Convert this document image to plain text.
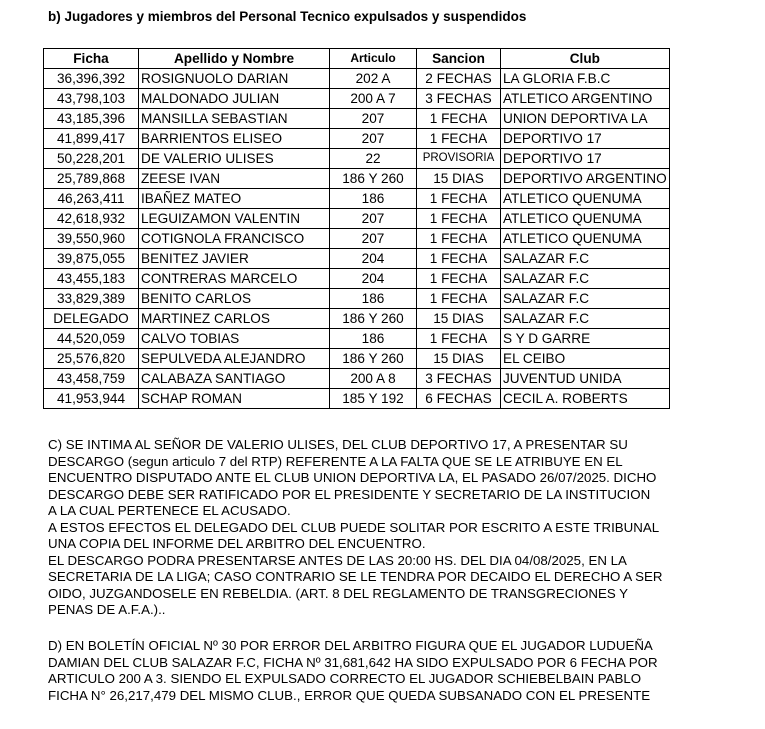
b) Jugadores y miembros del Personal Tecnico expulsados y suspendidos
Ficha	Apellido y Nombre	Articulo	Sancion	Club
36,396,392	ROSIGNUOLO DARIAN	202 A	2 FECHAS	LA GLORIA F.B.C
43,798,103	MALDONADO JULIAN	200 A 7	3 FECHAS	ATLETICO ARGENTINO
43,185,396	MANSILLA SEBASTIAN	207	1 FECHA	UNION DEPORTIVA LA
41,899,417	BARRIENTOS ELISEO	207	1 FECHA	DEPORTIVO 17
50,228,201	DE VALERIO ULISES	22	PROVISORIA	DEPORTIVO 17
25,789,868	ZEESE IVAN	186 Y 260	15 DIAS	DEPORTIVO ARGENTINO
46,263,411	IBAÑEZ MATEO	186	1 FECHA	ATLETICO QUENUMA
42,618,932	LEGUIZAMON VALENTIN	207	1 FECHA	ATLETICO QUENUMA
39,550,960	COTIGNOLA FRANCISCO	207	1 FECHA	ATLETICO QUENUMA
39,875,055	BENITEZ JAVIER	204	1 FECHA	SALAZAR F.C
43,455,183	CONTRERAS MARCELO	204	1 FECHA	SALAZAR F.C
33,829,389	BENITO CARLOS	186	1 FECHA	SALAZAR F.C
DELEGADO	MARTINEZ CARLOS	186 Y 260	15 DIAS	SALAZAR F.C
44,520,059	CALVO TOBIAS	186	1 FECHA	S Y D GARRE
25,576,820	SEPULVEDA ALEJANDRO	186 Y 260	15 DIAS	EL CEIBO
43,458,759	CALABAZA SANTIAGO	200 A 8	3 FECHAS	JUVENTUD UNIDA
41,953,944	SCHAP ROMAN	185 Y 192	6 FECHAS	CECIL A. ROBERTS
C) SE INTIMA AL SEÑOR DE VALERIO ULISES, DEL CLUB DEPORTIVO 17, A PRESENTAR SU
DESCARGO (segun articulo 7 del RTP) REFERENTE A LA FALTA QUE SE LE ATRIBUYE EN EL
ENCUENTRO DISPUTADO ANTE EL CLUB UNION DEPORTIVA LA, EL PASADO 26/07/2025. DICHO
DESCARGO DEBE SER RATIFICADO POR EL PRESIDENTE Y SECRETARIO DE LA INSTITUCION
A LA CUAL PERTENECE EL ACUSADO.
A ESTOS EFECTOS EL DELEGADO DEL CLUB PUEDE SOLITAR POR ESCRITO A ESTE TRIBUNAL
UNA COPIA DEL INFORME DEL ARBITRO DEL ENCUENTRO.
EL DESCARGO PODRA PRESENTARSE ANTES DE LAS 20:00 HS. DEL DIA 04/08/2025, EN LA
SECRETARIA DE LA LIGA; CASO CONTRARIO SE LE TENDRA POR DECAIDO EL DERECHO A SER
OIDO, JUZGANDOSELE EN REBELDIA. (ART. 8 DEL REGLAMENTO DE TRANSGRECIONES Y
PENAS DE A.F.A.)..
D) EN BOLETÍN OFICIAL Nº 30 POR ERROR DEL ARBITRO FIGURA QUE EL JUGADOR LUDUEÑA
DAMIAN DEL CLUB SALAZAR F.C, FICHA Nº 31,681,642 HA SIDO EXPULSADO POR 6 FECHA POR
ARTICULO 200 A 3. SIENDO EL EXPULSADO CORRECTO EL JUGADOR SCHIEBELBAIN PABLO
FICHA N° 26,217,479 DEL MISMO CLUB., ERROR QUE QUEDA SUBSANADO CON EL PRESENTE
